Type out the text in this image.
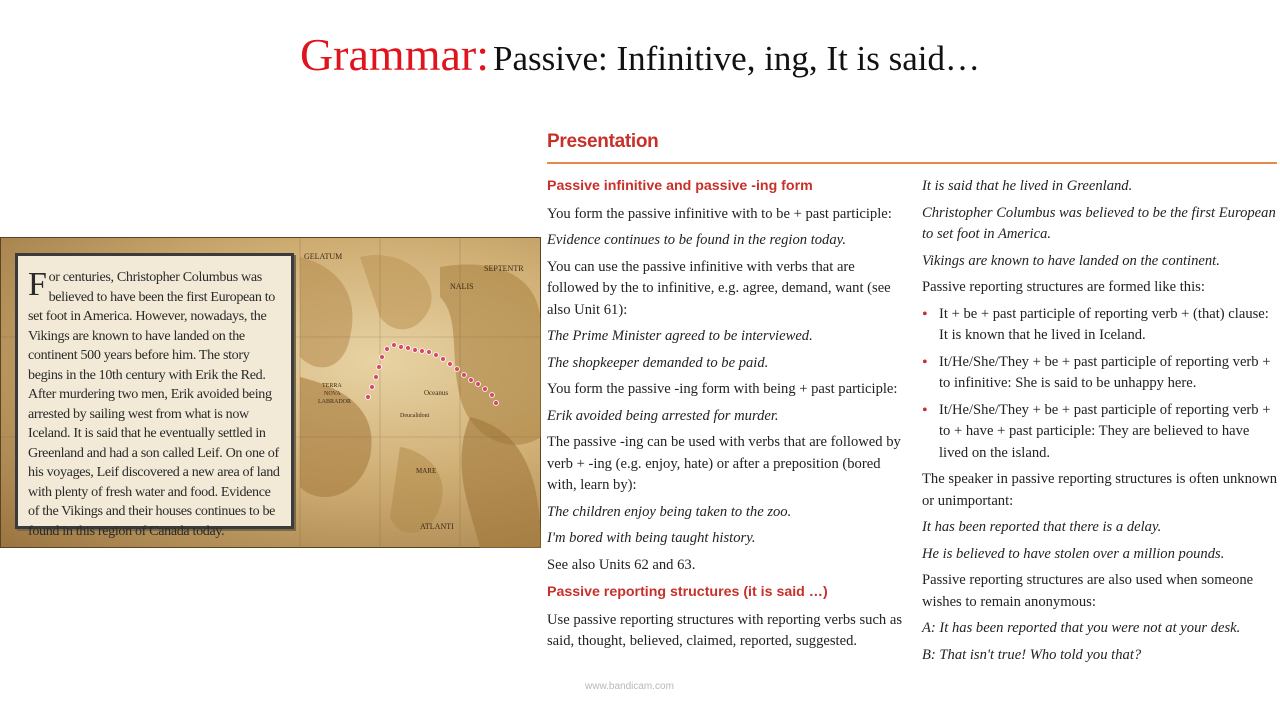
Grammar: Passive: Infinitive, ing, It is said…
GELATUM
SEPTENTR
NALIS
Oceanus
Deucalidoni
TERRA
NOVA
LABRADOR
ATLANTI
MARE
For centuries, Christopher Columbus was believed to have been the first European to set foot in America. However, nowadays, the Vikings are known to have landed on the continent 500 years before him. The story begins in the 10th century with Erik the Red. After murdering two men, Erik avoided being arrested by sailing west from what is now Iceland. It is said that he eventually settled in Greenland and had a son called Leif. On one of his voyages, Leif discovered a new area of land with plenty of fresh water and food. Evidence of the Vikings and their houses continues to be found in this region of Canada today.
Presentation
Passive infinitive and passive -ing form

You form the passive infinitive with to be + past participle:

Evidence continues to be found in the region today.

You can use the passive infinitive with verbs that are followed by the to infinitive, e.g. agree, demand, want (see also Unit 61):

The Prime Minister agreed to be interviewed.

The shopkeeper demanded to be paid.

You form the passive -ing form with being + past participle:

Erik avoided being arrested for murder.

The passive -ing can be used with verbs that are followed by verb + -ing (e.g. enjoy, hate) or after a preposition (bored with, learn by):

The children enjoy being taken to the zoo.

I'm bored with being taught history.

See also Units 62 and 63.

Passive reporting structures (it is said …)

Use passive reporting structures with reporting verbs such as said, thought, believed, claimed, reported, suggested.

It is said that he lived in Greenland.

Christopher Columbus was believed to be the first European to set foot in America.

Vikings are known to have landed on the continent.

Passive reporting structures are formed like this:

• It + be + past participle of reporting verb + (that) clause: It is known that he lived in Iceland.
• It/He/She/They + be + past participle of reporting verb + to infinitive: She is said to be unhappy here.
• It/He/She/They + be + past participle of reporting verb + to + have + past participle: They are believed to have lived on the island.

The speaker in passive reporting structures is often unknown or unimportant:

It has been reported that there is a delay.

He is believed to have stolen over a million pounds.

Passive reporting structures are also used when someone wishes to remain anonymous:

A: It has been reported that you were not at your desk.

B: That isn't true! Who told you that?

www.bandicam.com
